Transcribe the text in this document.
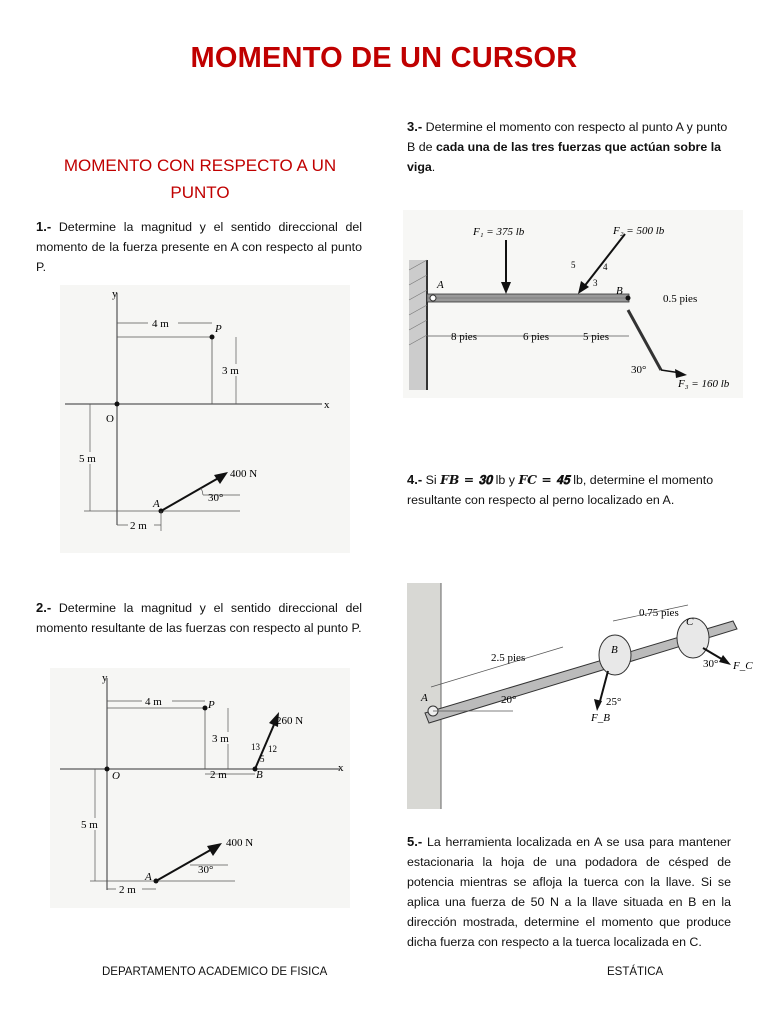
MOMENTO DE UN CURSOR
MOMENTO CON RESPECTO A UN PUNTO
1.- Determine la magnitud y el sentido direccional del momento de la fuerza presente en A con respecto al punto P.
y
x
O
P
4 m
3 m
5 m
A
400 N
30°
2 m
2.- Determine la magnitud y el sentido direccional del momento resultante de las fuerzas con respecto al punto P.
y
x
O
P
4 m
3 m
B
2 m
260 N
13 12
5
5 m
A
400 N
30°
2 m
3.- Determine el momento con respecto al punto A y punto B de cada una de las tres fuerzas que actúan sobre la viga.
A	B
F₁ = 375 lb	F₂ = 500 lb
5	4
3
F₃ = 160 lb
30°
8 pies	6 pies	5 pies
0.5 pies
4.- Si 𝑭𝑩 = 𝟑𝟎 lb y 𝑭𝑪 = 𝟒𝟓 lb, determine el momento resultante con respecto al perno localizado en A.
A
B
F_B
25°
C
F_C
30°
0.75 pies
2.5 pies
20°
5.- La herramienta localizada en A se usa para mantener estacionaria la hoja de una podadora de césped de potencia mientras se afloja la tuerca con la llave. Si se aplica una fuerza de 50 N a la llave situada en B en la dirección mostrada, determine el momento que produce dicha fuerza con respecto a la tuerca localizada en C.
DEPARTAMENTO ACADEMICO DE FISICA	ESTÁTICA
